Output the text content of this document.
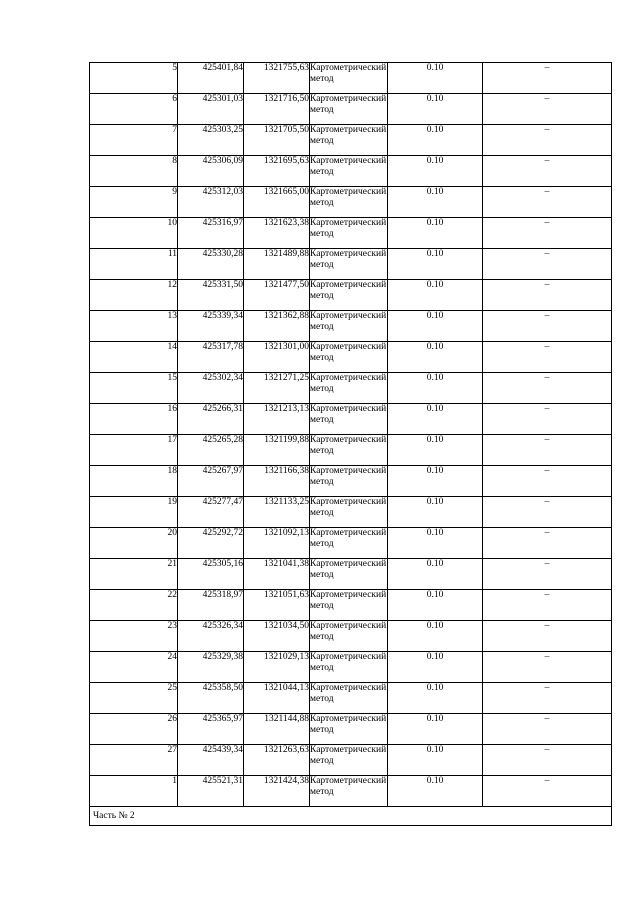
5	425401,84	1321755,63	Картометрический метод	0.10	–
6	425301,03	1321716,50	Картометрический метод	0.10	–
7	425303,25	1321705,50	Картометрический метод	0.10	–
8	425306,09	1321695,63	Картометрический метод	0.10	–
9	425312,03	1321665,00	Картометрический метод	0.10	–
10	425316,97	1321623,38	Картометрический метод	0.10	–
11	425330,28	1321489,88	Картометрический метод	0.10	–
12	425331,50	1321477,50	Картометрический метод	0.10	–
13	425339,34	1321362,88	Картометрический метод	0.10	–
14	425317,78	1321301,00	Картометрический метод	0.10	–
15	425302,34	1321271,25	Картометрический метод	0.10	–
16	425266,31	1321213,13	Картометрический метод	0.10	–
17	425265,28	1321199,88	Картометрический метод	0.10	–
18	425267,97	1321166,38	Картометрический метод	0.10	–
19	425277,47	1321133,25	Картометрический метод	0.10	–
20	425292,72	1321092,13	Картометрический метод	0.10	–
21	425305,16	1321041,38	Картометрический метод	0.10	–
22	425318,97	1321051,63	Картометрический метод	0.10	–
23	425326,34	1321034,50	Картометрический метод	0.10	–
24	425329,38	1321029,13	Картометрический метод	0.10	–
25	425358,50	1321044,13	Картометрический метод	0.10	–
26	425365,97	1321144,88	Картометрический метод	0.10	–
27	425439,34	1321263,63	Картометрический метод	0.10	–
1	425521,31	1321424,38	Картометрический метод	0.10	–
Часть № 2					
